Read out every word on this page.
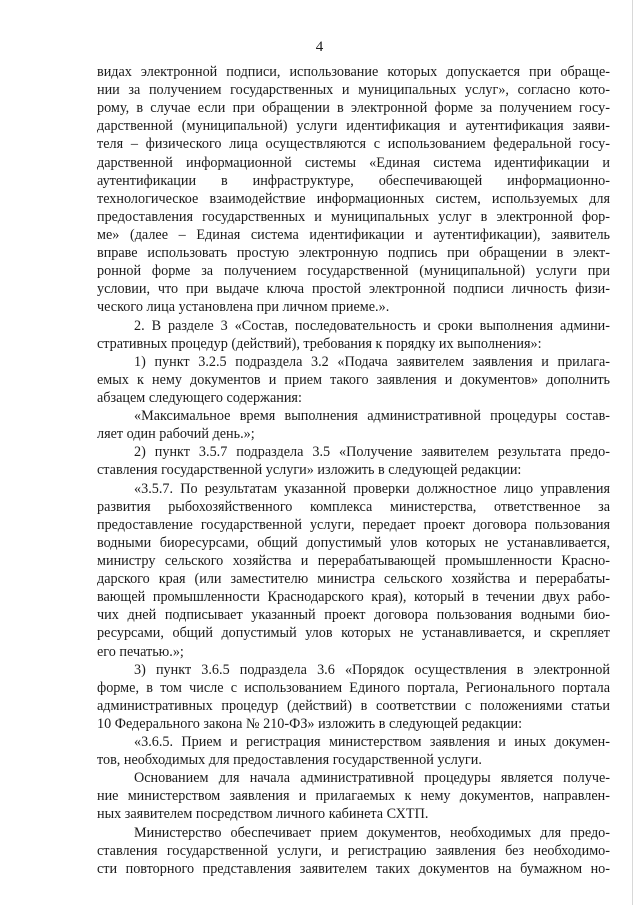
4
видах электронной подписи, использование которых допускается при обраще-
нии за получением государственных и муниципальных услуг», согласно кото-
рому, в случае если при обращении в электронной форме за получением госу-
дарственной (муниципальной) услуги идентификация и аутентификация заяви-
теля – физического лица осуществляются с использованием федеральной госу-
дарственной информационной системы «Единая система идентификации и
аутентификации в инфраструктуре, обеспечивающей информационно-
технологическое взаимодействие информационных систем, используемых для
предоставления государственных и муниципальных услуг в электронной фор-
ме» (далее – Единая система идентификации и аутентификации), заявитель
вправе использовать простую электронную подпись при обращении в элект-
ронной форме за получением государственной (муниципальной) услуги при
условии, что при выдаче ключа простой электронной подписи личность физи-
ческого лица установлена при личном приеме.».
2. В разделе 3 «Состав, последовательность и сроки выполнения админи-
стративных процедур (действий), требования к порядку их выполнения»:
1) пункт 3.2.5 подраздела 3.2 «Подача заявителем заявления и прилага-
емых к нему документов и прием такого заявления и документов» дополнить
абзацем следующего содержания:
«Максимальное время выполнения административной процедуры состав-
ляет один рабочий день.»;
2) пункт 3.5.7 подраздела 3.5 «Получение заявителем результата предо-
ставления государственной услуги» изложить в следующей редакции:
«3.5.7. По результатам указанной проверки должностное лицо управления
развития рыбохозяйственного комплекса министерства, ответственное за
предоставление государственной услуги, передает проект договора пользования
водными биоресурсами, общий допустимый улов которых не устанавливается,
министру сельского хозяйства и перерабатывающей промышленности Красно-
дарского края (или заместителю министра сельского хозяйства и перерабаты-
вающей промышленности Краснодарского края), который в течении двух рабо-
чих дней подписывает указанный проект договора пользования водными био-
ресурсами, общий допустимый улов которых не устанавливается, и скрепляет
его печатью.»;
3) пункт 3.6.5 подраздела 3.6 «Порядок осуществления в электронной
форме, в том числе с использованием Единого портала, Регионального портала
административных процедур (действий) в соответствии с положениями статьи
10 Федерального закона № 210-ФЗ» изложить в следующей редакции:
«3.6.5. Прием и регистрация министерством заявления и иных докумен-
тов, необходимых для предоставления государственной услуги.
Основанием для начала административной процедуры является получе-
ние министерством заявления и прилагаемых к нему документов, направлен-
ных заявителем посредством личного кабинета СХТП.
Министерство обеспечивает прием документов, необходимых для предо-
ставления государственной услуги, и регистрацию заявления без необходимо-
сти повторного представления заявителем таких документов на бумажном но-
